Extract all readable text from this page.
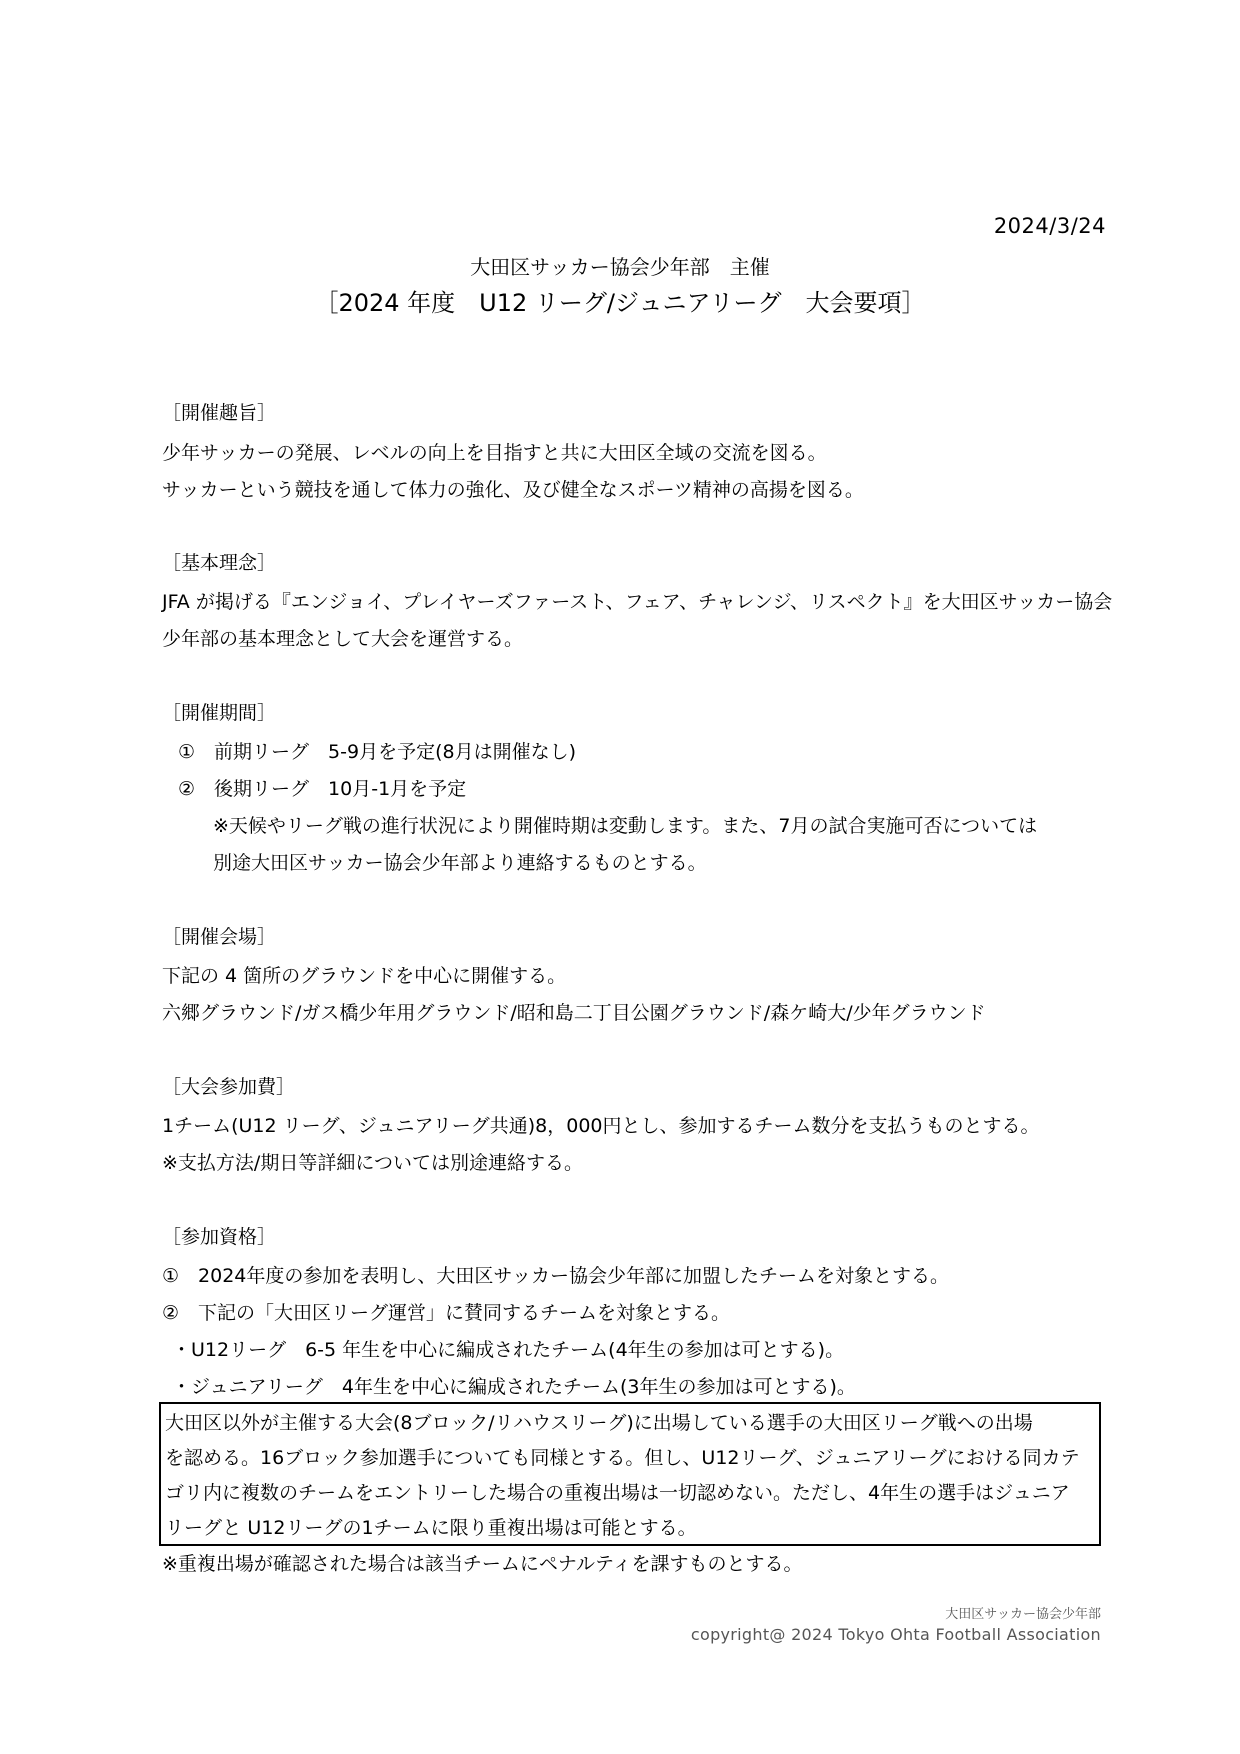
2024/3/24
大田区サッカー協会少年部　主催
［2024 年度　U12 リーグ/ジュニアリーグ　大会要項］
［開催趣旨］
少年サッカーの発展、レベルの向上を目指すと共に大田区全域の交流を図る。
サッカーという競技を通して体力の強化、及び健全なスポーツ精神の高揚を図る。
［基本理念］
JFA が掲げる『エンジョイ、プレイヤーズファースト、フェア、チャレンジ、リスペクト』を大田区サッカー協会
少年部の基本理念として大会を運営する。
［開催期間］
①　前期リーグ　5-9月を予定(8月は開催なし)
②　後期リーグ　10月-1月を予定
※天候やリーグ戦の進行状況により開催時期は変動します。また、7月の試合実施可否については
別途大田区サッカー協会少年部より連絡するものとする。
［開催会場］
下記の 4 箇所のグラウンドを中心に開催する。
六郷グラウンド/ガス橋少年用グラウンド/昭和島二丁目公園グラウンド/森ケ崎大/少年グラウンド
［大会参加費］
1チーム(U12 リーグ、ジュニアリーグ共通)8，000円とし、参加するチーム数分を支払うものとする。
※支払方法/期日等詳細については別途連絡する。
［参加資格］
①　2024年度の参加を表明し、大田区サッカー協会少年部に加盟したチームを対象とする。
②　下記の「大田区リーグ運営」に賛同するチームを対象とする。
・U12リーグ　6-5 年生を中心に編成されたチーム(4年生の参加は可とする)。
・ジュニアリーグ　4年生を中心に編成されたチーム(3年生の参加は可とする)。
大田区以外が主催する大会(8ブロック/リハウスリーグ)に出場している選手の大田区リーグ戦への出場
を認める。16ブロック参加選手についても同様とする。但し、U12リーグ、ジュニアリーグにおける同カテ
ゴリ内に複数のチームをエントリーした場合の重複出場は一切認めない。ただし、4年生の選手はジュニア
リーグと U12リーグの1チームに限り重複出場は可能とする。
※重複出場が確認された場合は該当チームにペナルティを課すものとする。
大田区サッカー協会少年部
copyright@ 2024 Tokyo Ohta Football Association
